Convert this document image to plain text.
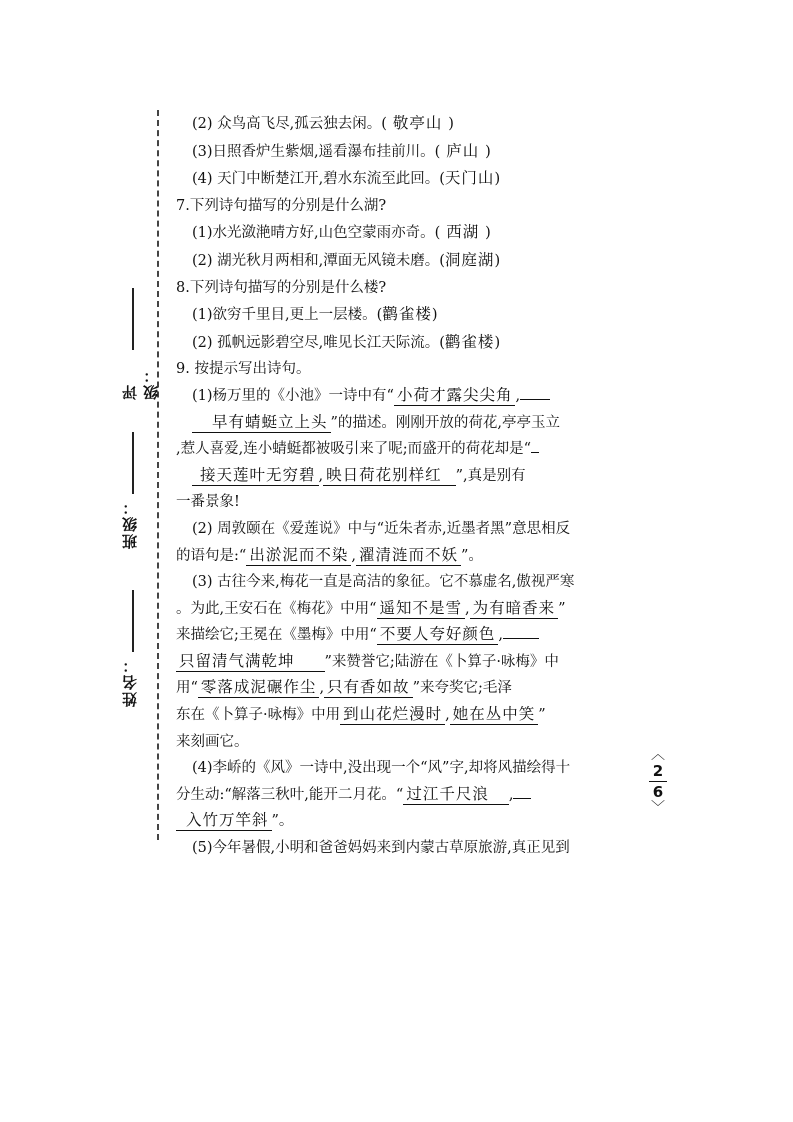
评级：
班级：
姓名：
(2) 众鸟高飞尽,孤云独去闲。( 敬亭山 )
(3)日照香炉生紫烟,遥看瀑布挂前川。( 庐山 )
(4) 天门中断楚江开,碧水东流至此回。(天门山)
7.下列诗句描写的分别是什么湖?
(1)水光潋滟晴方好,山色空蒙雨亦奇。( 西湖 )
(2) 湖光秋月两相和,潭面无风镜未磨。(洞庭湖)
8.下列诗句描写的分别是什么楼?
(1)欲穷千里目,更上一层楼。(鹳雀楼)
(2) 孤帆远影碧空尽,唯见长江天际流。(鹳雀楼)
9. 按提示写出诗句。
(1)杨万里的《小池》一诗中有“ 小荷才露尖尖角 ,
早有蜻蜓立上头 ”的描述。刚刚开放的荷花,亭亭玉立
,惹人喜爱,连小蜻蜓都被吸引来了呢;而盛开的荷花却是“
接天莲叶无穷碧 , 映日荷花别样红 ”,真是别有
一番景象!
(2) 周敦颐在《爱莲说》中与“近朱者赤,近墨者黑”意思相反
的语句是:“ 出淤泥而不染 , 濯清涟而不妖 ”。
(3) 古往今来,梅花一直是高洁的象征。它不慕虚名,傲视严寒
。为此,王安石在《梅花》中用“ 遥知不是雪 , 为有暗香来 ”
来描绘它;王冕在《墨梅》中用“ 不要人夸好颜色 ,
只留清气满乾坤 ”来赞誉它;陆游在《卜算子·咏梅》中
用“ 零落成泥碾作尘 , 只有香如故 ”来夸奖它;毛泽
东在《卜算子·咏梅》中用 到山花烂漫时 , 她在丛中笑 ”
来刻画它。
(4)李峤的《风》一诗中,没出现一个“风”字,却将风描绘得十
分生动:“解落三秋叶,能开二月花。“ 过江千尺浪 ,
入竹万竿斜 ”。
(5)今年暑假,小明和爸爸妈妈来到内蒙古草原旅游,真正见到
︿
2
6
﹀
